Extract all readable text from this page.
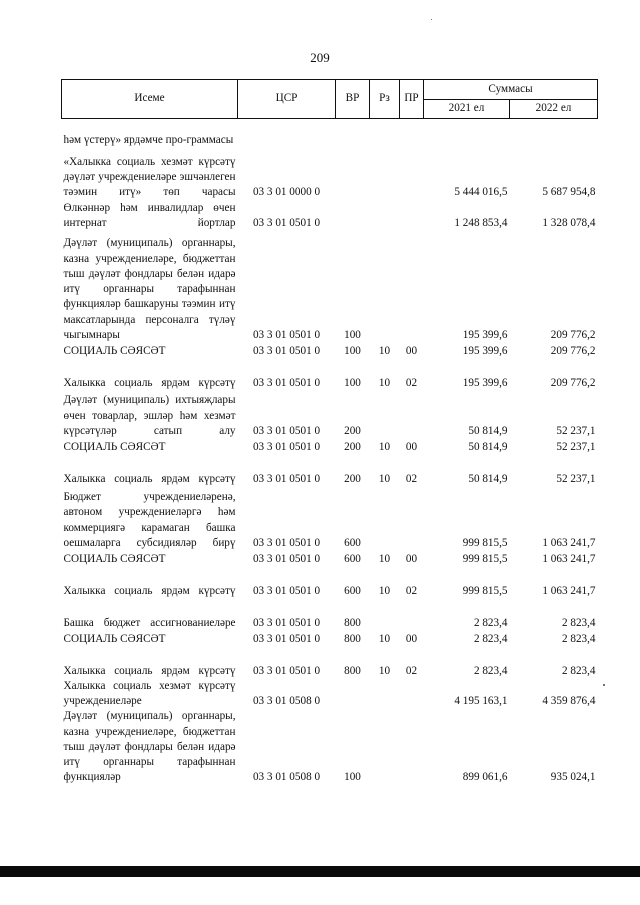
209
Исеме	ЦСР	ВР	Рз	ПР	Суммасы	
					2021 ел	2022 ел
һәм үстерү» ярдәмче про-граммасы						
«Халыкка социаль хезмәт күрсәтү дәүләт учреждениеләре эшчәнлеген тәэмин итү» төп чарасы	03 3 01 0000 0				5 444 016,5	5 687 954,8
Өлкәннәр һәм инвалидлар өчен интернат йортлар	03 3 01 0501 0				1 248 853,4	1 328 078,4
Дәүләт (муниципаль) органнары, казна учреждениеләре, бюджеттан тыш дәүләт фондлары белән идарә итү органнары тарафыннан функцияләр башкаруны тәэмин итү максатларында персоналга түләү чыгымнары	03 3 01 0501 0	100			195 399,6	209 776,2
СОЦИАЛЬ СӘЯСӘТ	03 3 01 0501 0	100	10	00	195 399,6	209 776,2
Халыкка социаль ярдәм күрсәтү	03 3 01 0501 0	100	10	02	195 399,6	209 776,2
Дәүләт (муниципаль) ихтыяҗлары өчен товарлар, эшләр һәм хезмәт күрсәтүләр сатып алу	03 3 01 0501 0	200			50 814,9	52 237,1
СОЦИАЛЬ СӘЯСӘТ	03 3 01 0501 0	200	10	00	50 814,9	52 237,1
Халыкка социаль ярдәм күрсәтү	03 3 01 0501 0	200	10	02	50 814,9	52 237,1
Бюджет учреждениеләренә, автоном учреждениеләргә һәм коммерциягә карамаган башка оешмаларга субсидияләр бирү	03 3 01 0501 0	600			999 815,5	1 063 241,7
СОЦИАЛЬ СӘЯСӘТ	03 3 01 0501 0	600	10	00	999 815,5	1 063 241,7
Халыкка социаль ярдәм күрсәтү	03 3 01 0501 0	600	10	02	999 815,5	1 063 241,7
Башка бюджет ассигнованиеләре	03 3 01 0501 0	800			2 823,4	2 823,4
СОЦИАЛЬ СӘЯСӘТ	03 3 01 0501 0	800	10	00	2 823,4	2 823,4
Халыкка социаль ярдәм күрсәтү	03 3 01 0501 0	800	10	02	2 823,4	2 823,4
Халыкка социаль хезмәт күрсәтү учреждениеләре	03 3 01 0508 0				4 195 163,1	4 359 876,4
Дәүләт (муниципаль) органнары, казна учреждениеләре, бюджеттан тыш дәүләт фондлары белән идарә итү органнары тарафыннан функцияләр	03 3 01 0508 0	100			899 061,6	935 024,1
